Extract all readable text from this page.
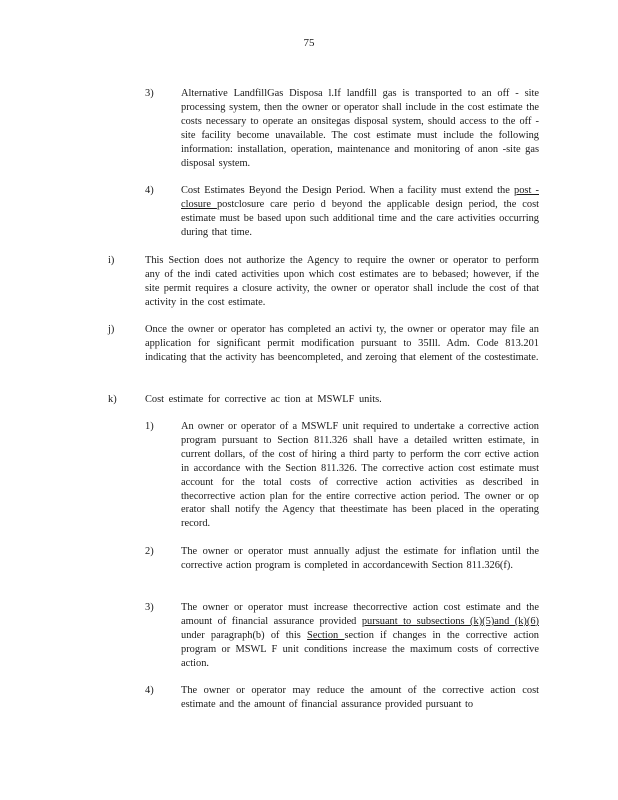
75
3)	Alternative LandfillGas Disposa l.If landfill gas is transported to an off - site processing system, then the owner or operator shall include in the cost estimate the costs necessary to operate an onsitegas disposal system, should access to the off -site facility become unavailable. The cost estimate must include the following information: installation, operation, maintenance and monitoring of anon -site gas disposal system.
4)	Cost Estimates Beyond the Design Period. When a facility must extend the post - closure postclosure care perio d beyond the applicable design period, the cost estimate must be based upon such additional time and the care activities occurring during that time.
i)	This Section does not authorize the Agency to require the owner or operator to perform any of the indi cated activities upon which cost estimates are to bebased; however, if the site permit requires a closure activity, the owner or operator shall include the cost of that activity in the cost estimate.
j)	Once the owner or operator has completed an activi ty, the owner or operator may file an application for significant permit modification pursuant to 35Ill. Adm. Code 813.201 indicating that the activity has beencompleted, and zeroing that element of the costestimate.
k)	Cost estimate for corrective ac tion at MSWLF units.
1)	An owner or operator of a MSWLF unit required to undertake a corrective action program pursuant to Section 811.326 shall have a detailed written estimate, in current dollars, of the cost of hiring a third party to perform the corr ective action in accordance with the Section 811.326. The corrective action cost estimate must account for the total costs of corrective action activities as described in thecorrective action plan for the entire corrective action period. The owner or op erator shall notify the Agency that theestimate has been placed in the operating record.
2)	The owner or operator must annually adjust the estimate for inflation until the corrective action program is completed in accordancewith Section 811.326(f).
3)	The owner or operator must increase thecorrective action cost estimate and the amount of financial assurance provided pursuant to subsections (k)(5)and (k)(6) under paragraph(b) of this Section section if changes in the corrective action program or MSWL F unit conditions increase the maximum costs of corrective action.
4)	The owner or operator may reduce the amount of the corrective action cost estimate and the amount of financial assurance provided pursuant to
